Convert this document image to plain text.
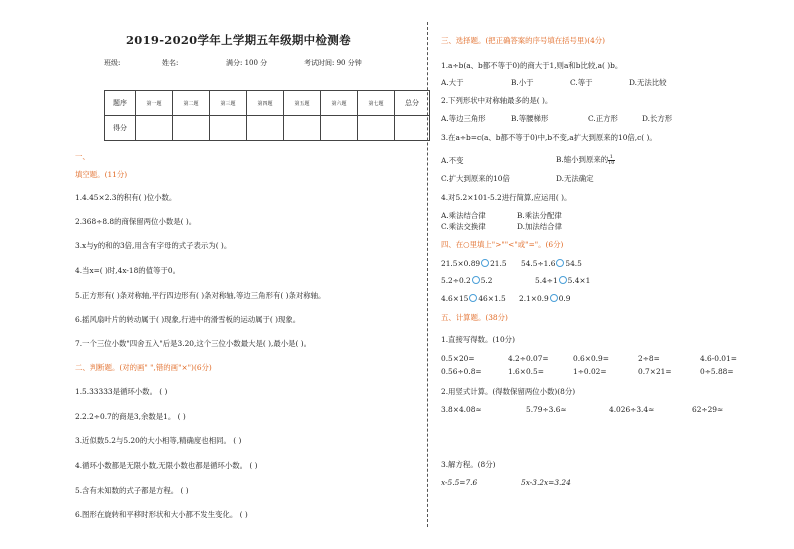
2019-2020学年上学期五年级期中检测卷
班级:	姓名:	满分: 100 分	考试时间: 90 分钟
题序	第一题	第二题	第三题	第四题	第五题	第六题	第七题	总分
得分								
一、
填空题。(11分)
1.4.45×2.3的积有( )位小数。
2.368÷8.8的商保留两位小数是( )。
3.x与y的和的3倍,用含有字母的式子表示为( )。
4.当x=( )时,4x-18的值等于0。
5.正方形有( )条对称轴,平行四边形有( )条对称轴,等边三角形有( )条对称轴。
6.摇风扇叶片的转动属于( )现象,行进中的滑雪板的运动属于( )现象。
7.一个三位小数"四舍五入"后是3.20,这个三位小数最大是( ),最小是( )。
二、判断题。(对的画" ",错的画"×")(6分)
1.5.33333是循环小数。 ( )
2.2.2÷0.7的商是3,余数是1。 ( )
3.近似数5.2与5.20的大小相等,精确度也相同。 ( )
4.循环小数都是无限小数,无限小数也都是循环小数。 ( )
5.含有未知数的式子都是方程。 ( )
6.图形在旋转和平移时形状和大小都不发生变化。 ( )
三、选择题。(把正确答案的序号填在括号里)(4分)
1.a÷b(a、b都不等于0)的商大于1,则a和b比较,a( )b。
A.大于	B.小于	C.等于	D.无法比较
2.下列形状中对称轴最多的是( )。
A.等边三角形	B.等腰梯形	C.正方形	D.长方形
3.在a÷b=c(a、b都不等于0)中,b不变,a扩大到原来的10倍,c( )。
A.不变	B.缩小到原来的 $\frac{1}{10}$
C.扩大到原来的10倍	D.无法确定
4.对5.2×101-5.2进行简算,应运用( )。
A.乘法结合律	B.乘法分配律
C.乘法交换律	D.加法结合律
四、在○里填上">""<"或"="。(6分)
21.5×0.89 21.5 54.5÷1.6 54.5
5.2÷0.2 5.2	5.4÷1 5.4×1
4.6×15 46×1.5 2.1×0.9 0.9
五、计算题。(38分)
1.直接写得数。(10分)
0.5×20=	4.2÷0.07=	0.6×0.9=	2÷8=	4.6-0.01=
0.56÷0.8=	1.6×0.5=	1÷0.02=	0.7×21=	0÷5.88=
2.用竖式计算。(得数保留两位小数)(8分)
3.8×4.08≈	5.79÷3.6≈	4.026÷3.4≈	62÷29≈
3.解方程。(8分)
x-5.5=7.6	5x-3.2x=3.24
